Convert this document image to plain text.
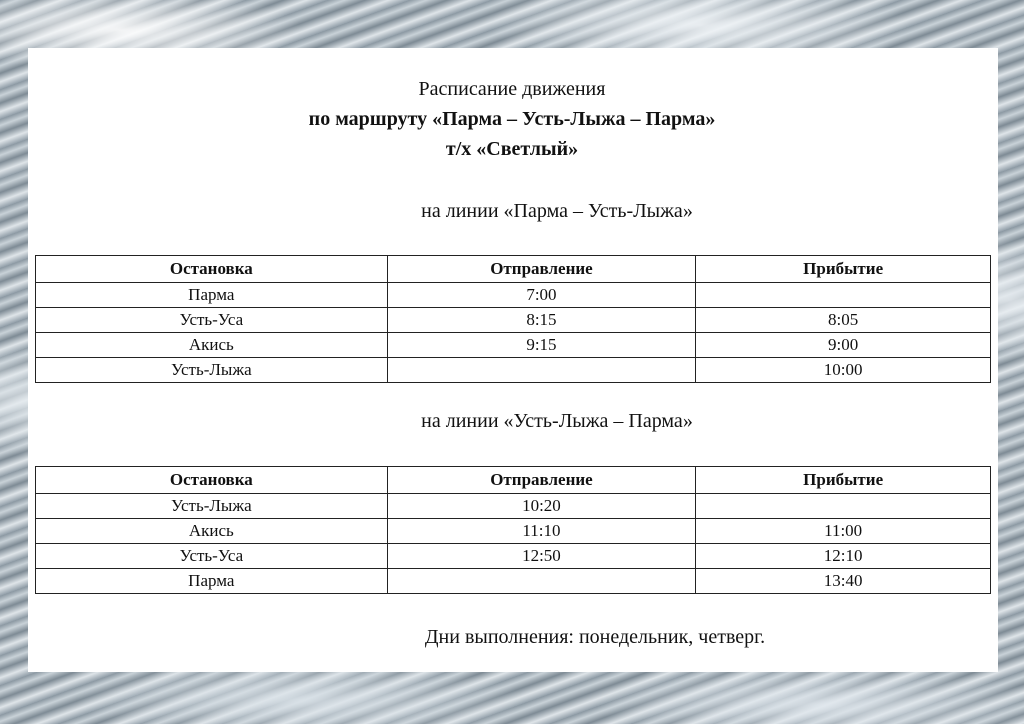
Расписание движения
по маршруту «Парма – Усть-Лыжа – Парма»
т/х «Светлый»
на линии «Парма – Усть-Лыжа»
Остановка	Отправление	Прибытие
Парма	7:00	
Усть-Уса	8:15	8:05
Акись	9:15	9:00
Усть-Лыжа		10:00
на линии «Усть-Лыжа – Парма»
Остановка	Отправление	Прибытие
Усть-Лыжа	10:20	
Акись	11:10	11:00
Усть-Уса	12:50	12:10
Парма		13:40
Дни выполнения: понедельник, четверг.
